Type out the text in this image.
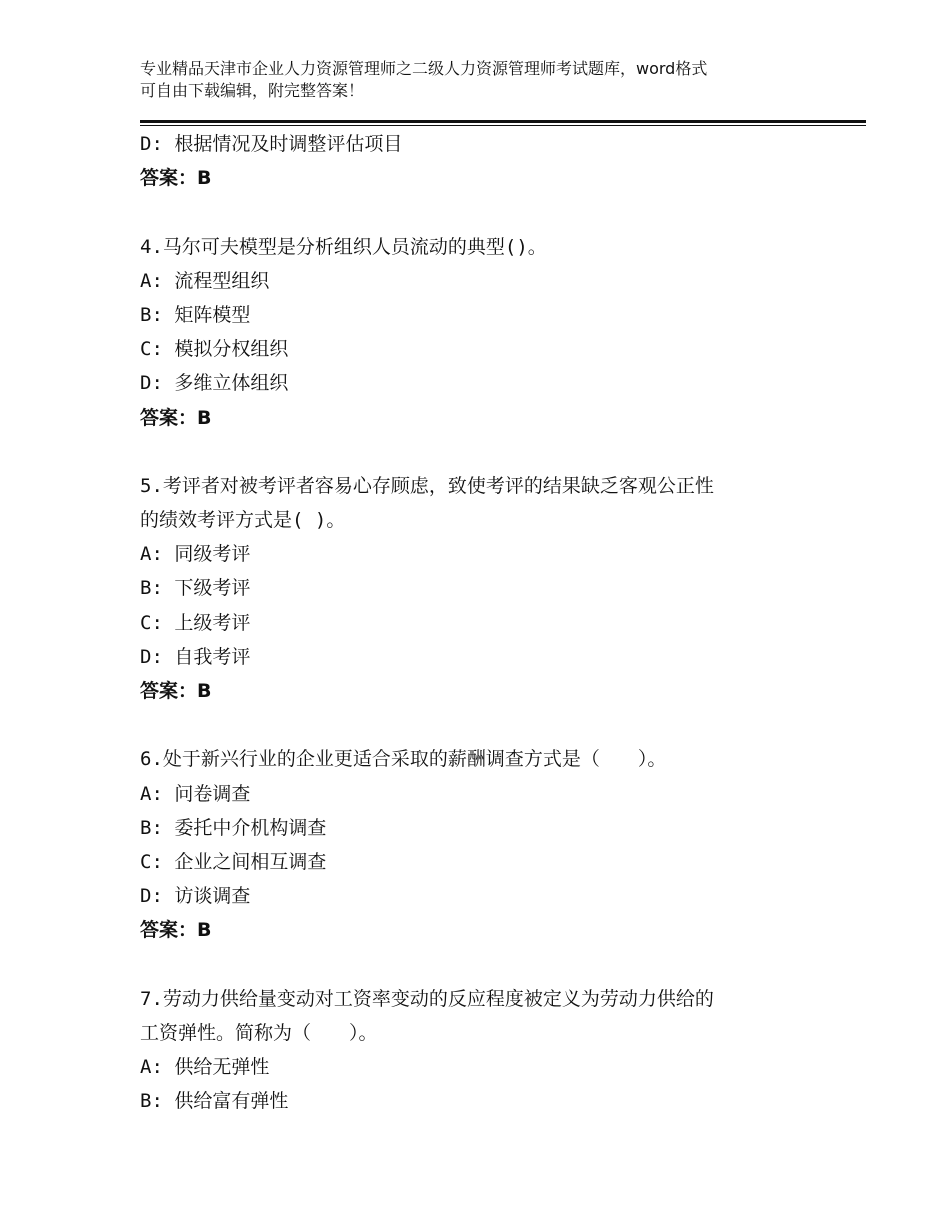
专业精品天津市企业人力资源管理师之二级人力资源管理师考试题库，word格式
可自由下载编辑，附完整答案！
D: 根据情况及时调整评估项目
答案：B
4.马尔可夫模型是分析组织人员流动的典型()。
A: 流程型组织
B: 矩阵模型
C: 模拟分权组织
D: 多维立体组织
答案：B
5.考评者对被考评者容易心存顾虑，致使考评的结果缺乏客观公正性
的绩效考评方式是( )。
A: 同级考评
B: 下级考评
C: 上级考评
D: 自我考评
答案：B
6.处于新兴行业的企业更适合采取的薪酬调查方式是（　　）。
A: 问卷调查
B: 委托中介机构调查
C: 企业之间相互调查
D: 访谈调查
答案：B
7.劳动力供给量变动对工资率变动的反应程度被定义为劳动力供给的
工资弹性。简称为（　　）。
A: 供给无弹性
B: 供给富有弹性
